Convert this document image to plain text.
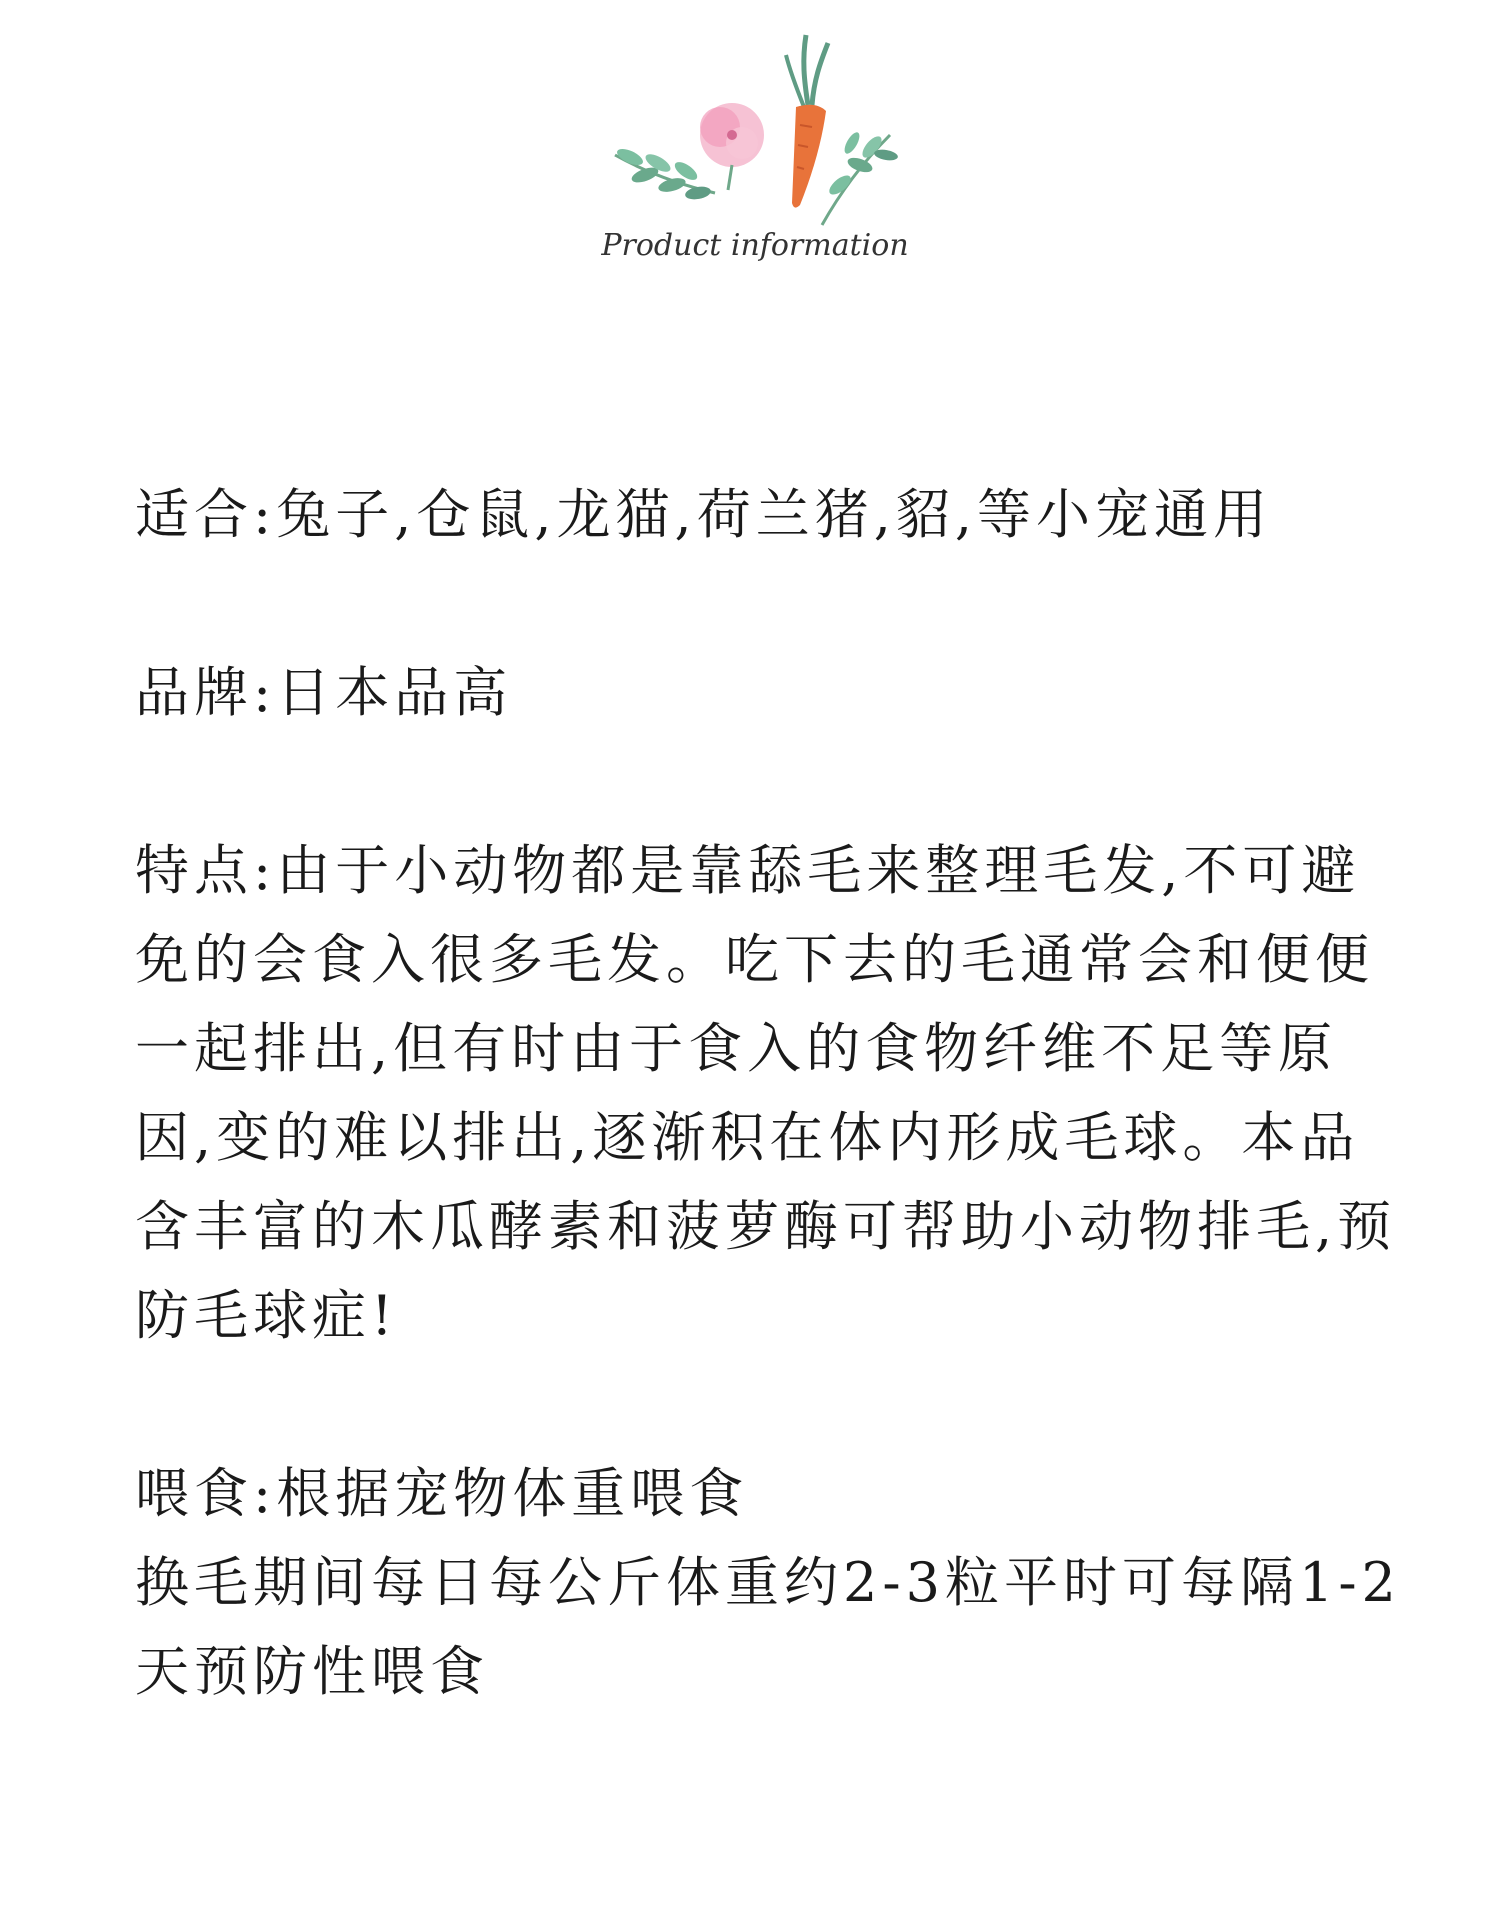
Product information

适合:兔子,仓鼠,龙猫,荷兰猪,貂,等小宠通用

品牌:日本品高

特点:由于小动物都是靠舔毛来整理毛发,不可避免的会食入很多毛发。吃下去的毛通常会和便便一起排出,但有时由于食入的食物纤维不足等原因,变的难以排出,逐渐积在体内形成毛球。本品含丰富的木瓜酵素和菠萝酶可帮助小动物排毛,预防毛球症!

喂食:根据宠物体重喂食
换毛期间每日每公斤体重约2-3粒平时可每隔1-2天预防性喂食
